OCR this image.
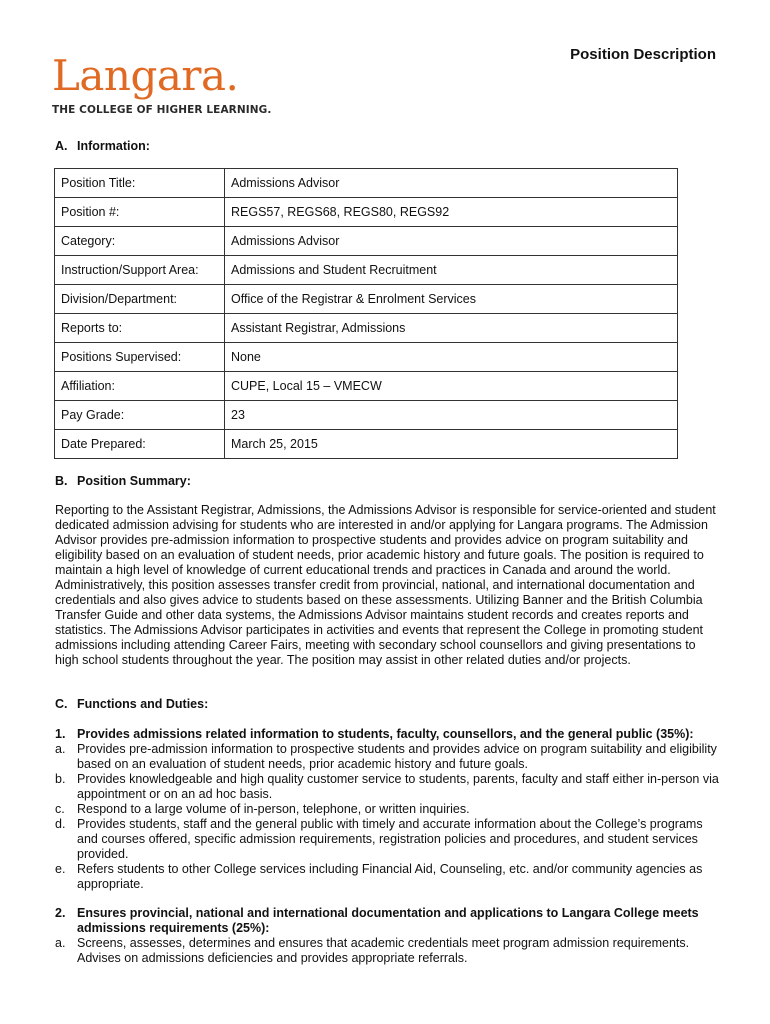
Langara.
THE COLLEGE OF HIGHER LEARNING.
Position Description
A. Information:
Position Title:	Admissions Advisor
Position #:	REGS57, REGS68, REGS80, REGS92
Category:	Admissions Advisor
Instruction/Support Area:	Admissions and Student Recruitment
Division/Department:	Office of the Registrar & Enrolment Services
Reports to:	Assistant Registrar, Admissions
Positions Supervised:	None
Affiliation:	CUPE, Local 15 – VMECW
Pay Grade:	23
Date Prepared:	March 25, 2015
B. Position Summary:

Reporting to the Assistant Registrar, Admissions, the Admissions Advisor is responsible for service-oriented and student dedicated admission advising for students who are interested in and/or applying for Langara programs. The Admission Advisor provides pre-admission information to prospective students and provides advice on program suitability and eligibility based on an evaluation of student needs, prior academic history and future goals. The position is required to maintain a high level of knowledge of current educational trends and practices in Canada and around the world. Administratively, this position assesses transfer credit from provincial, national, and international documentation and credentials and also gives advice to students based on these assessments. Utilizing Banner and the British Columbia Transfer Guide and other data systems, the Admissions Advisor maintains student records and creates reports and statistics. The Admissions Advisor participates in activities and events that represent the College in promoting student admissions including attending Career Fairs, meeting with secondary school counsellors and giving presentations to high school students throughout the year. The position may assist in other related duties and/or projects.

C. Functions and Duties:
1. Provides admissions related information to students, faculty, counsellors, and the general public (35%):
a. Provides pre-admission information to prospective students and provides advice on program suitability and eligibility based on an evaluation of student needs, prior academic history and future goals.
b. Provides knowledgeable and high quality customer service to students, parents, faculty and staff either in-person via appointment or on an ad hoc basis.
c. Respond to a large volume of in-person, telephone, or written inquiries.
d. Provides students, staff and the general public with timely and accurate information about the College’s programs and courses offered, specific admission requirements, registration policies and procedures, and student services provided.
e. Refers students to other College services including Financial Aid, Counseling, etc. and/or community agencies as appropriate.
2. Ensures provincial, national and international documentation and applications to Langara College meets admissions requirements (25%):
a. Screens, assesses, determines and ensures that academic credentials meet program admission requirements. Advises on admissions deficiencies and provides appropriate referrals.
